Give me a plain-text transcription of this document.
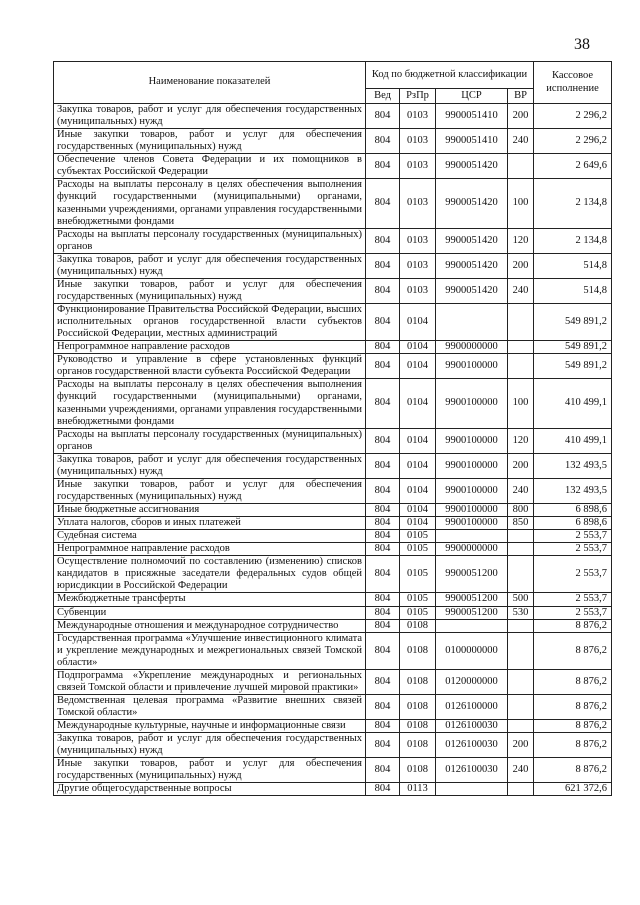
38
Наименование показателей	Код по бюджетной классификации				Кассовое исполнение
	Вед	РзПр	ЦСР	ВР	
Закупка товаров, работ и услуг для обеспечения государственных (муниципальных) нужд	804	0103	9900051410	200	2 296,2
Иные закупки товаров, работ и услуг для обеспечения государственных (муниципальных) нужд	804	0103	9900051410	240	2 296,2
Обеспечение членов Совета Федерации и их помощников в субъектах Российской Федерации	804	0103	9900051420		2 649,6
Расходы на выплаты персоналу в целях обеспечения выполнения функций государственными (муниципальными) органами, казенными учреждениями, органами управления государственными внебюджетными фондами	804	0103	9900051420	100	2 134,8
Расходы на выплаты персоналу государственных (муниципальных) органов	804	0103	9900051420	120	2 134,8
Закупка товаров, работ и услуг для обеспечения государственных (муниципальных) нужд	804	0103	9900051420	200	514,8
Иные закупки товаров, работ и услуг для обеспечения государственных (муниципальных) нужд	804	0103	9900051420	240	514,8
Функционирование Правительства Российской Федерации, высших исполнительных органов государственной власти субъектов Российской Федерации, местных администраций	804	0104			549 891,2
Непрограммное направление расходов	804	0104	9900000000		549 891,2
Руководство и управление в сфере установленных функций органов государственной власти субъекта Российской Федерации	804	0104	9900100000		549 891,2
Расходы на выплаты персоналу в целях обеспечения выполнения функций государственными (муниципальными) органами, казенными учреждениями, органами управления государственными внебюджетными фондами	804	0104	9900100000	100	410 499,1
Расходы на выплаты персоналу государственных (муниципальных) органов	804	0104	9900100000	120	410 499,1
Закупка товаров, работ и услуг для обеспечения государственных (муниципальных) нужд	804	0104	9900100000	200	132 493,5
Иные закупки товаров, работ и услуг для обеспечения государственных (муниципальных) нужд	804	0104	9900100000	240	132 493,5
Иные бюджетные ассигнования	804	0104	9900100000	800	6 898,6
Уплата налогов, сборов и иных платежей	804	0104	9900100000	850	6 898,6
Судебная система	804	0105			2 553,7
Непрограммное направление расходов	804	0105	9900000000		2 553,7
Осуществление полномочий по составлению (изменению) списков кандидатов в присяжные заседатели федеральных судов общей юрисдикции в Российской Федерации	804	0105	9900051200		2 553,7
Межбюджетные трансферты	804	0105	9900051200	500	2 553,7
Субвенции	804	0105	9900051200	530	2 553,7
Международные отношения и международное сотрудничество	804	0108			8 876,2
Государственная программа «Улучшение инвестиционного климата и укрепление международных и межрегиональных связей Томской области»	804	0108	0100000000		8 876,2
Подпрограмма «Укрепление международных и региональных связей Томской области и привлечение лучшей мировой практики»	804	0108	0120000000		8 876,2
Ведомственная целевая программа «Развитие внешних связей Томской области»	804	0108	0126100000		8 876,2
Международные культурные, научные и информационные связи	804	0108	0126100030		8 876,2
Закупка товаров, работ и услуг для обеспечения государственных (муниципальных) нужд	804	0108	0126100030	200	8 876,2
Иные закупки товаров, работ и услуг для обеспечения государственных (муниципальных) нужд	804	0108	0126100030	240	8 876,2
Другие общегосударственные вопросы	804	0113			621 372,6
